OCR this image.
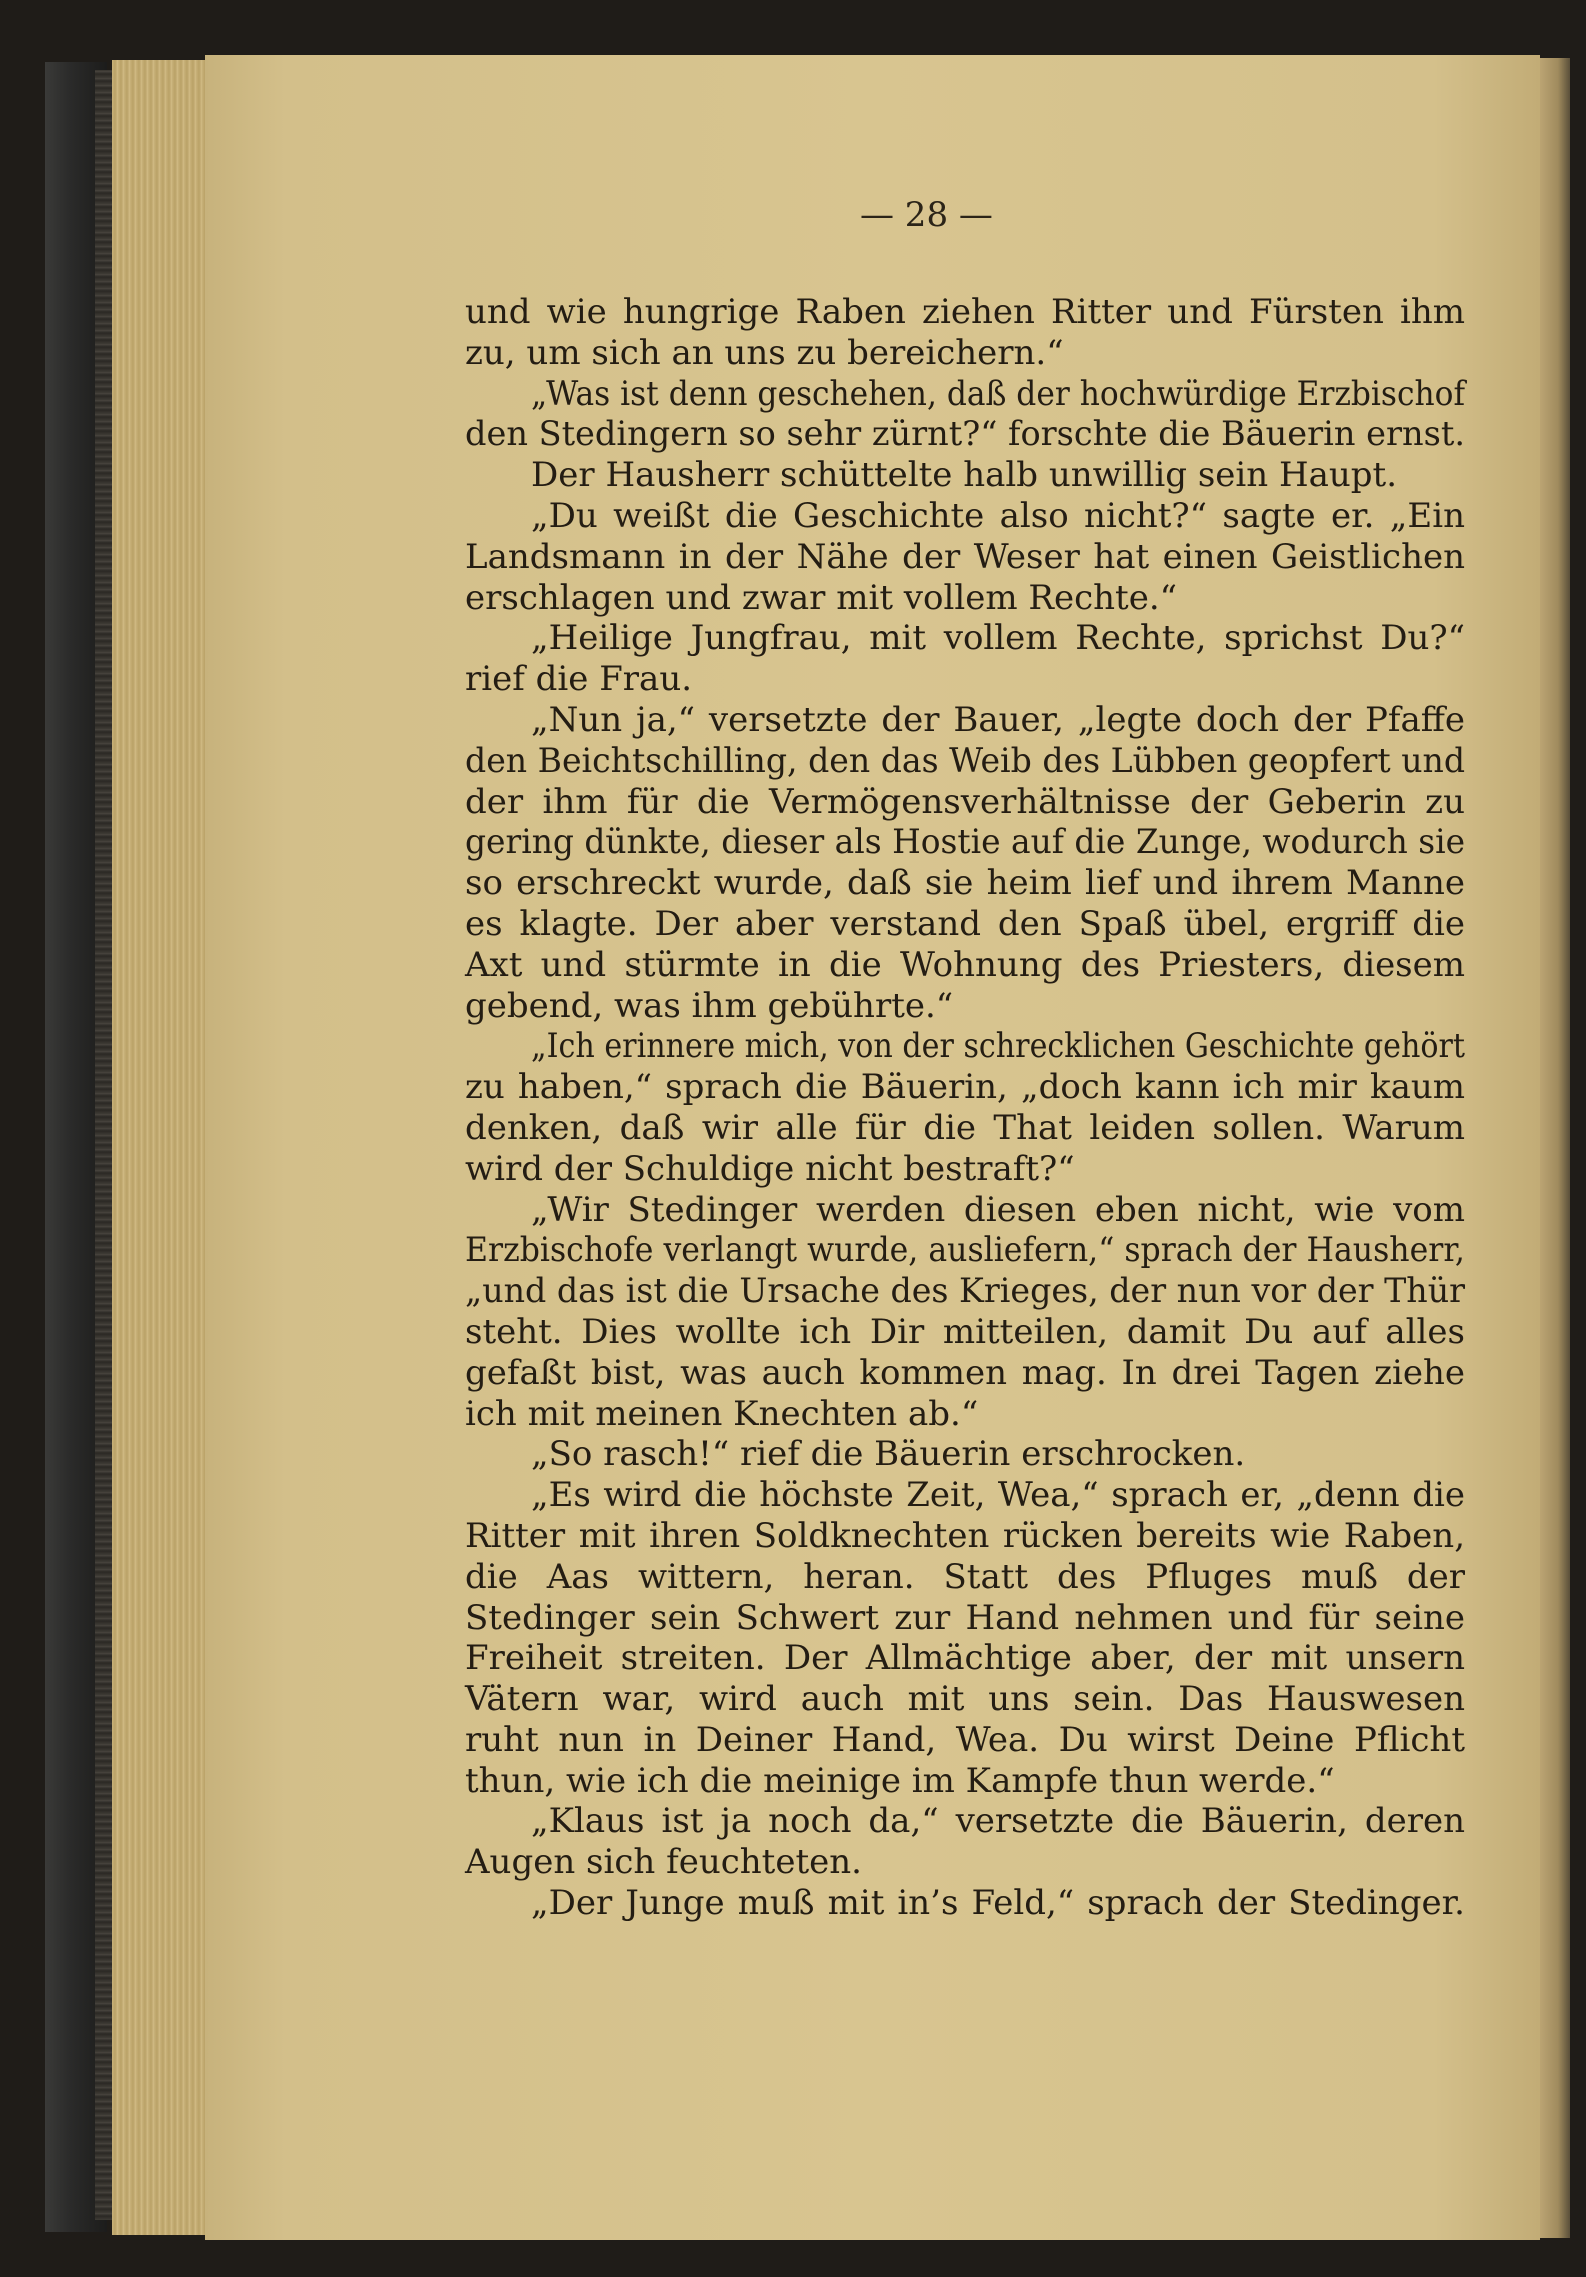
— 28 —
und wie hungrige Raben ziehen Ritter und Fürsten ihm
zu, um sich an uns zu bereichern.“
„Was ist denn geschehen, daß der hochwürdige Erzbischof
den Stedingern so sehr zürnt?“ forschte die Bäuerin ernst.
Der Hausherr schüttelte halb unwillig sein Haupt.
„Du weißt die Geschichte also nicht?“ sagte er. „Ein
Landsmann in der Nähe der Weser hat einen Geistlichen
erschlagen und zwar mit vollem Rechte.“
„Heilige Jungfrau, mit vollem Rechte, sprichst Du?“
rief die Frau.
„Nun ja,“ versetzte der Bauer, „legte doch der Pfaffe
den Beichtschilling, den das Weib des Lübben geopfert und
der ihm für die Vermögensverhältnisse der Geberin zu
gering dünkte, dieser als Hostie auf die Zunge, wodurch sie
so erschreckt wurde, daß sie heim lief und ihrem Manne
es klagte. Der aber verstand den Spaß übel, ergriff die
Axt und stürmte in die Wohnung des Priesters, diesem
gebend, was ihm gebührte.“
„Ich erinnere mich, von der schrecklichen Geschichte gehört
zu haben,“ sprach die Bäuerin, „doch kann ich mir kaum
denken, daß wir alle für die That leiden sollen. Warum
wird der Schuldige nicht bestraft?“
„Wir Stedinger werden diesen eben nicht, wie vom
Erzbischofe verlangt wurde, ausliefern,“ sprach der Hausherr,
„und das ist die Ursache des Krieges, der nun vor der Thür
steht. Dies wollte ich Dir mitteilen, damit Du auf alles
gefaßt bist, was auch kommen mag. In drei Tagen ziehe
ich mit meinen Knechten ab.“
„So rasch!“ rief die Bäuerin erschrocken.
„Es wird die höchste Zeit, Wea,“ sprach er, „denn die
Ritter mit ihren Soldknechten rücken bereits wie Raben,
die Aas wittern, heran. Statt des Pfluges muß der
Stedinger sein Schwert zur Hand nehmen und für seine
Freiheit streiten. Der Allmächtige aber, der mit unsern
Vätern war, wird auch mit uns sein. Das Hauswesen
ruht nun in Deiner Hand, Wea. Du wirst Deine Pflicht
thun, wie ich die meinige im Kampfe thun werde.“
„Klaus ist ja noch da,“ versetzte die Bäuerin, deren
Augen sich feuchteten.
„Der Junge muß mit in’s Feld,“ sprach der Stedinger.
